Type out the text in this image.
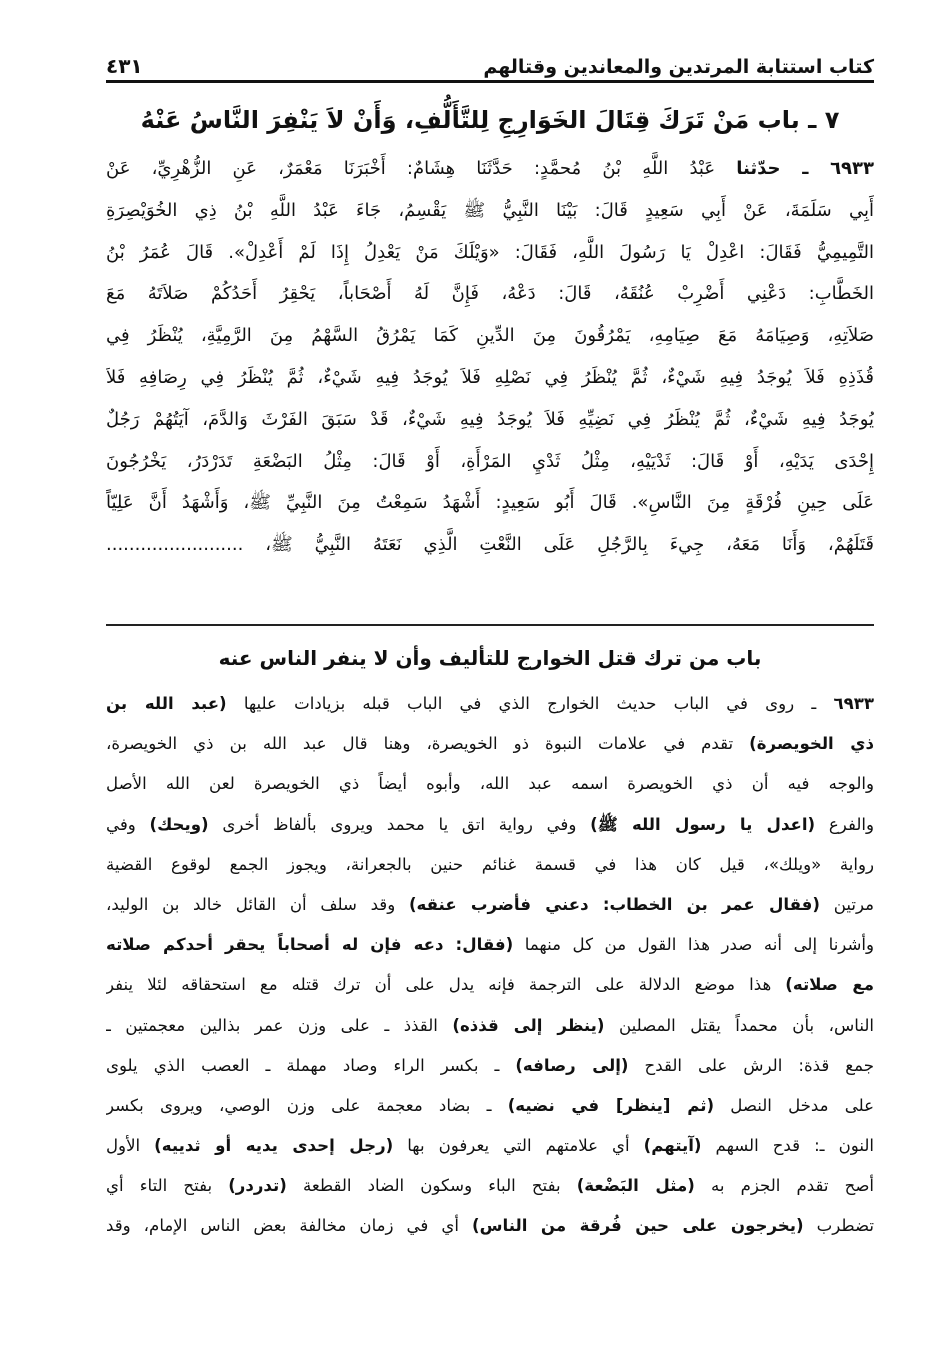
كتاب استتابة المرتدين والمعاندين وقتالهم
٤٣١
٧ ـ باب مَنْ تَرَكَ قِتَالَ الخَوَارِجِ لِلتَّأَلُّفِ، وَأَنْ لاَ يَنْفِرَ النَّاسُ عَنْهُ
٦٩٣٣ ـ حدّثنا عَبْدُ اللَّهِ بْنُ مُحمَّدٍ: حَدَّثَنَا هِشَامٌ: أَخْبَرَنَا مَعْمَرٌ، عَنِ الزُّهْرِيِّ، عَنْ
أَبِي سَلَمَةَ، عَنْ أَبِي سَعِيدٍ قَالَ: بَيْنَا النَّبِيُّ ﷺ يَقْسِمُ، جَاءَ عَبْدُ اللَّهِ بْنُ ذِي الخُوَيْصِرَةِ
التَّمِيمِيُّ فَقَالَ: اعْدِلْ يَا رَسُولَ اللَّهِ، فَقَالَ: «وَيْلَكَ مَنْ يَعْدِلُ إِذَا لَمْ أَعْدِلْ». قَالَ عُمَرُ بْنُ
الخَطَّابِ: دَعْنِي أَضْرِبْ عُنُقَهُ، قَالَ: دَعْهُ، فَإِنَّ لَهُ أَصْحَاباً، يَحْقِرُ أَحَدُكُمْ صَلاَتَهُ مَعَ
صَلاَتِهِ، وَصِيَامَهُ مَعَ صِيَامِهِ، يَمْرُقُونَ مِنَ الدِّينِ كَمَا يَمْرُقُ السَّهْمُ مِنَ الرَّمِيَّةِ، يُنْظَرُ فِي
قُذَذِهِ فَلاَ يُوجَدُ فِيهِ شَيْءٌ، ثُمَّ يُنْظَرُ فِي نَصْلِهِ فَلاَ يُوجَدُ فِيهِ شَيْءٌ، ثُمَّ يُنْظَرُ فِي رِصَافِهِ فَلاَ
يُوجَدُ فِيهِ شَيْءٌ، ثُمَّ يُنْظَرُ فِي نَضِيِّهِ فَلاَ يُوجَدُ فِيهِ شَيْءٌ، قَدْ سَبَقَ الفَرْثَ وَالدَّمَ، آيَتُهُمْ رَجُلٌ
إِحْدَى يَدَيْهِ، أَوْ قَالَ: ثَدْيَيْهِ، مِثْلُ ثَدْيِ المَرْأَةِ، أَوْ قَالَ: مِثْلُ البَضْعَةِ تَدَرْدَرُ، يَخْرُجُونَ
عَلَى حِينِ فُرْقَةٍ مِنَ النَّاسِ». قَالَ أَبُو سَعِيدٍ: أَشْهَدُ سَمِعْتُ مِنَ النَّبِيِّ ﷺ، وَأَشْهَدُ أَنَّ عَلِيّاً
قَتَلَهُمْ، وَأَنَا مَعَهُ، جِيءَ بِالرَّجُلِ عَلَى النَّعْتِ الَّذِي نَعَتَهُ النَّبِيُّ ﷺ، ........................
باب من ترك قتل الخوارج للتأليف وأن لا ينفر الناس عنه
٦٩٣٣ ـ روى في الباب حديث الخوارج الذي في الباب قبله بزيادات عليها (عبد الله بن
ذي الخويصرة) تقدم في علامات النبوة ذو الخويصرة، وهنا قال عبد الله بن ذي الخويصرة،
والوجه فيه أن ذي الخويصرة اسمه عبد الله، وأبوه أيضاً ذي الخويصرة لعن الله الأصل
والفرع (اعدل يا رسول الله ﷺ) وفي رواية اتق يا محمد ويروى بألفاظ أخرى (ويحك) وفي
رواية «ويلك»، قيل كان هذا في قسمة غنائم حنين بالجعرانة، ويجوز الجمع لوقوع القضية
مرتين (فقال عمر بن الخطاب: دعني فأضرب عنقه) وقد سلف أن القائل خالد بن الوليد،
وأشرنا إلى أنه صدر هذا القول من كل منهما (فقال: دعه فإن له أصحاباً يحقر أحدكم صلاته
مع صلاته) هذا موضع الدلالة على الترجمة فإنه يدل على أن ترك قتله مع استحقاقه لئلا ينفر
الناس، بأن محمداً يقتل المصلين (ينظر إلى قذذه) القذذ ـ على وزن عمر بذالين معجمتين ـ
جمع قذة: الرش على القدح (إلى رصافه) ـ بكسر الراء وصاد مهملة ـ العصب الذي يلوى
على مدخل النصل (ثم [ينظر] في نضيه) ـ بضاد معجمة على وزن الوصي، ويروى بكسر
النون ـ: قدح السهم (آيتهم) أي علامتهم التي يعرفون بها (رجل إحدى يديه أو ثدييه) الأول
أصح تقدم الجزم به (مثل البَضْعة) بفتح الباء وسكون الضاد القطعة (تدردر) بفتح التاء أي
تضطرب (يخرجون على حين فُرقة من الناس) أي في زمان مخالفة بعض الناس الإمام، وقد
